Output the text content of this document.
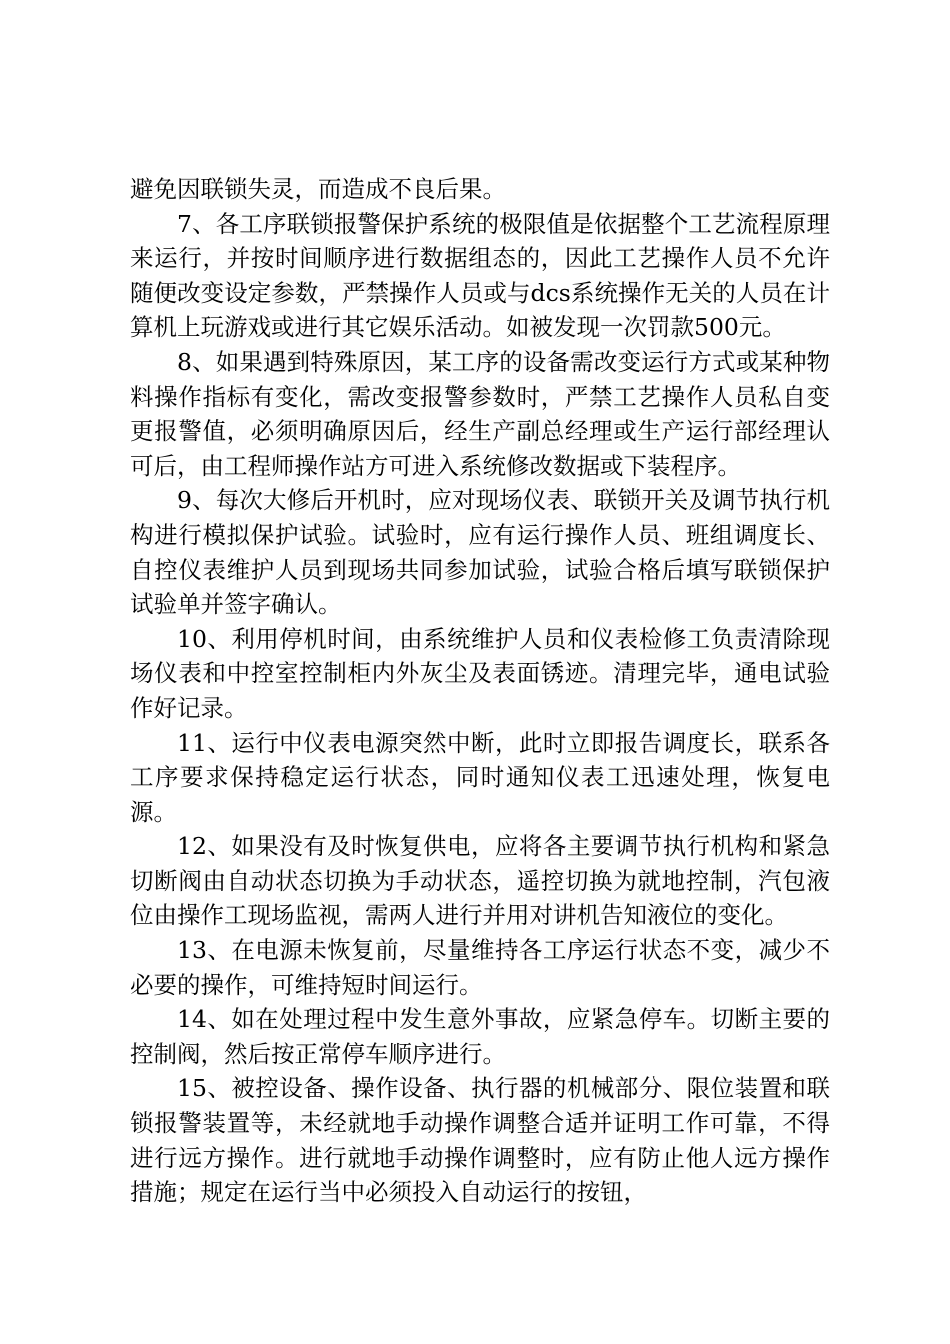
避免因联锁失灵，而造成不良后果。

7、各工序联锁报警保护系统的极限值是依据整个工艺流程原理来运行，并按时间顺序进行数据组态的，因此工艺操作人员不允许随便改变设定参数，严禁操作人员或与dcs系统操作无关的人员在计算机上玩游戏或进行其它娱乐活动。如被发现一次罚款500元。

8、如果遇到特殊原因，某工序的设备需改变运行方式或某种物料操作指标有变化，需改变报警参数时，严禁工艺操作人员私自变更报警值，必须明确原因后，经生产副总经理或生产运行部经理认可后，由工程师操作站方可进入系统修改数据或下装程序。

9、每次大修后开机时，应对现场仪表、联锁开关及调节执行机构进行模拟保护试验。试验时，应有运行操作人员、班组调度长、自控仪表维护人员到现场共同参加试验，试验合格后填写联锁保护试验单并签字确认。

10、利用停机时间，由系统维护人员和仪表检修工负责清除现场仪表和中控室控制柜内外灰尘及表面锈迹。清理完毕，通电试验作好记录。

11、运行中仪表电源突然中断，此时立即报告调度长，联系各工序要求保持稳定运行状态，同时通知仪表工迅速处理，恢复电源。

12、如果没有及时恢复供电，应将各主要调节执行机构和紧急切断阀由自动状态切换为手动状态，遥控切换为就地控制，汽包液位由操作工现场监视，需两人进行并用对讲机告知液位的变化。

13、在电源未恢复前，尽量维持各工序运行状态不变，减少不必要的操作，可维持短时间运行。

14、如在处理过程中发生意外事故，应紧急停车。切断主要的控制阀，然后按正常停车顺序进行。

15、被控设备、操作设备、执行器的机械部分、限位装置和联锁报警装置等，未经就地手动操作调整合适并证明工作可靠，不得进行远方操作。进行就地手动操作调整时，应有防止他人远方操作措施；规定在运行当中必须投入自动运行的按钮，
